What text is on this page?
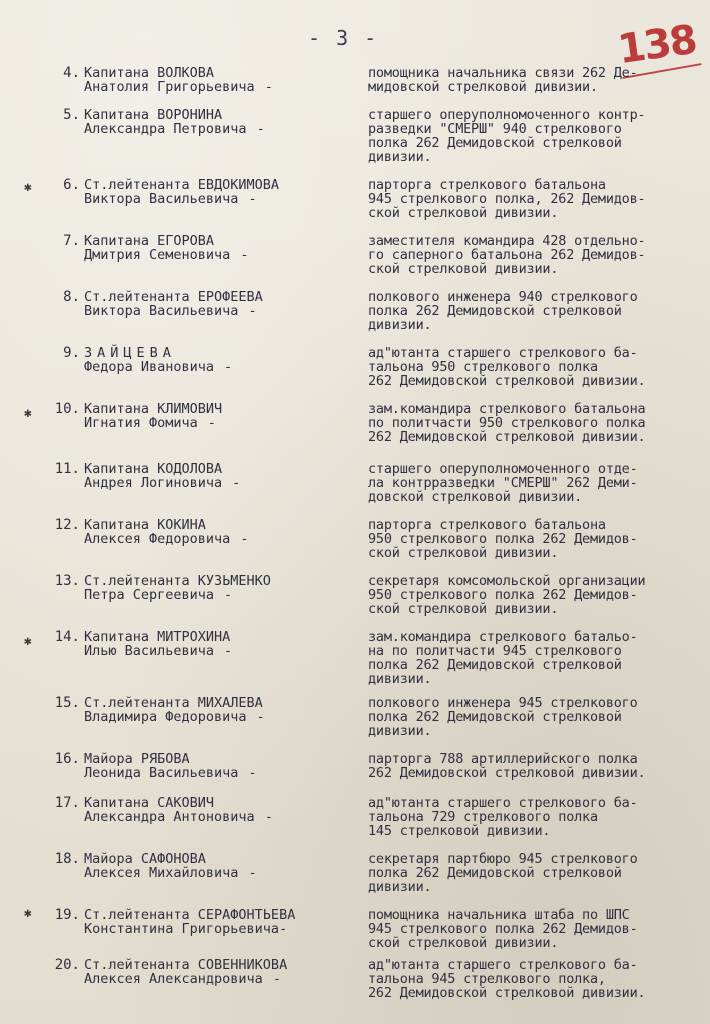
- 3 -	138
✱
✱
✱
✱
4. Капитана ВОЛКОВА
Анатолия Григорьевича -
помощника начальника связи 262 Де-
мидовской стрелковой дивизии.
5. Капитана ВОРОНИНА
Александра Петровича -
старшего оперуполномоченного контр-
разведки "СМЕРШ" 940 стрелкового
полка 262 Демидовской стрелковой
дивизии.
6. Ст.лейтенанта ЕВДОКИМОВА
Виктора Васильевича -
парторга стрелкового батальона
945 стрелкового полка, 262 Демидов-
ской стрелковой дивизии.
7. Капитана ЕГОРОВА
Дмитрия Семеновича -
заместителя командира 428 отдельно-
го саперного батальона 262 Демидов-
ской стрелковой дивизии.
8. Ст.лейтенанта ЕРОФЕЕВА
Виктора Васильевича -
полкового инженера 940 стрелкового
полка 262 Демидовской стрелковой
дивизии.
9. ЗАЙЦЕВА
Федора Ивановича -
ад"ютанта старшего стрелкового ба-
тальона 950 стрелкового полка
262 Демидовской стрелковой дивизии.
10. Капитана КЛИМОВИЧ
Игнатия Фомича -
зам.командира стрелкового батальона
по политчасти 950 стрелкового полка
262 Демидовской стрелковой дивизии.
11. Капитана КОДОЛОВА
Андрея Логиновича -
старшего оперуполномоченного отде-
ла контрразведки "СМЕРШ" 262 Деми-
довской стрелковой дивизии.
12. Капитана КОКИНА
Алексея Федоровича -
парторга стрелкового батальона
950 стрелкового полка 262 Демидов-
ской стрелковой дивизии.
13. Ст.лейтенанта КУЗЬМЕНКО
Петра Сергеевича -
секретаря комсомольской организации
950 стрелкового полка 262 Демидов-
ской стрелковой дивизии.
14. Капитана МИТРОХИНА
Илью Васильевича -
зам.командира стрелкового батальо-
на по политчасти 945 стрелкового
полка 262 Демидовской стрелковой
дивизии.
15. Ст.лейтенанта МИХАЛЕВА
Владимира Федоровича -
полкового инженера 945 стрелкового
полка 262 Демидовской стрелковой
дивизии.
16. Майора РЯБОВА
Леонида Васильевича -
парторга 788 артиллерийского полка
262 Демидовской стрелковой дивизии.
17. Капитана САКОВИЧ
Александра Антоновича -
ад"ютанта старшего стрелкового ба-
тальона 729 стрелкового полка
145 стрелковой дивизии.
18. Майора САФОНОВА
Алексея Михайловича -
секретаря партбюро 945 стрелкового
полка 262 Демидовской стрелковой
дивизии.
19. Ст.лейтенанта СЕРАФОНТЬЕВА
Константина Григорьевича-
помощника начальника штаба по ШПС
945 стрелкового полка 262 Демидов-
ской стрелковой дивизии.
20. Ст.лейтенанта СОВЕННИКОВА
Алексея Александровича -
ад"ютанта старшего стрелкового ба-
тальона 945 стрелкового полка,
262 Демидовской стрелковой дивизии.
